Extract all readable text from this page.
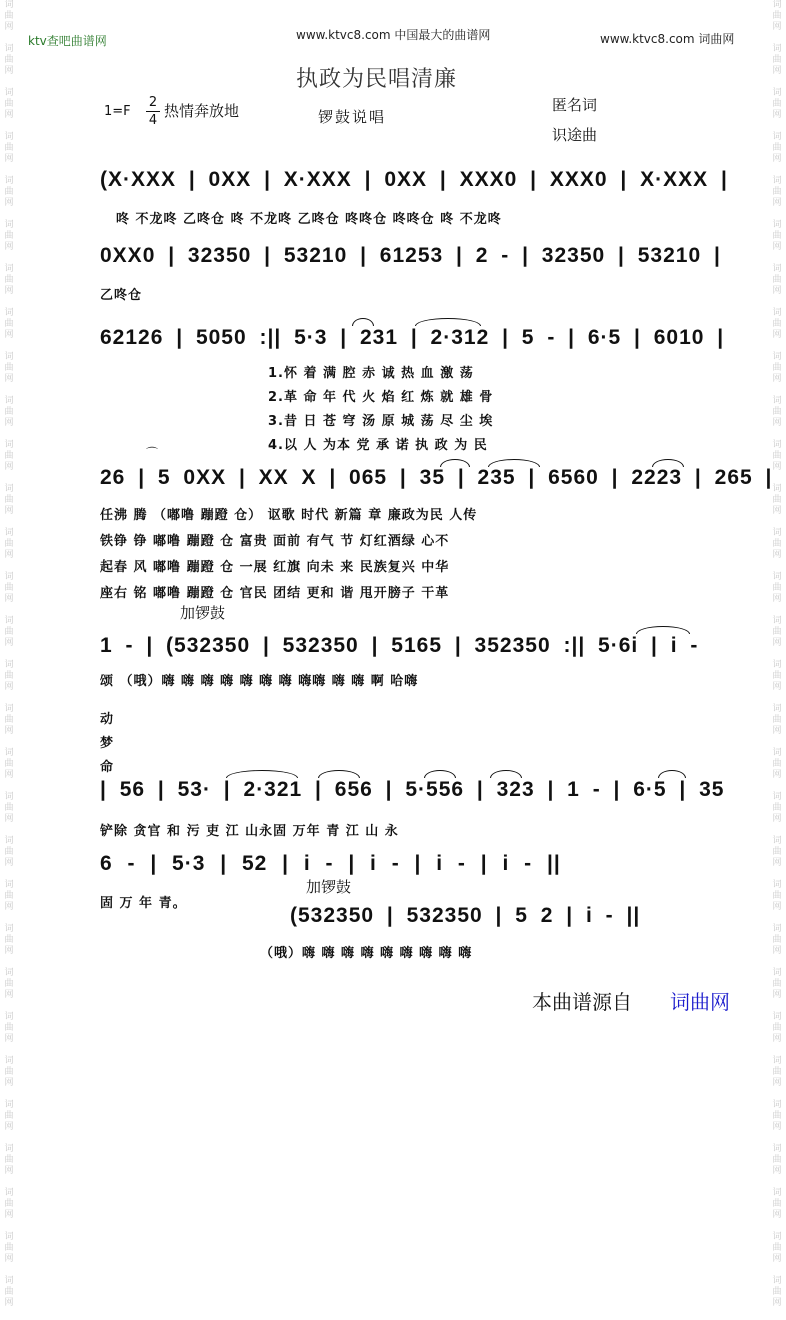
词
曲
网

词
曲
网

词
曲
网

词
曲
网

词
曲
网

词
曲
网

词
曲
网

词
曲
网

词
曲
网

词
曲
网

词
曲
网

词
曲
网

词
曲
网

词
曲
网

词
曲
网

词
曲
网

词
曲
网

词
曲
网

词
曲
网

词
曲
网

词
曲
网

词
曲
网

词
曲
网

词
曲
网

词
曲
网

词
曲
网

词
曲
网

词
曲
网

词
曲
网

词
曲
网

词
曲
网

词
曲
网

词
曲
网

词
曲
网

词
曲
网

词
曲
网

词
曲
网

词
曲
网

词
曲
网

词
曲
网

词
曲
网

词
曲
网

词
曲
网

词
曲
网

词
曲
网

词
曲
网

词
曲
网

词
曲
网

词
曲
网

词
曲
网

词
曲
网

词
曲
网

词
曲
网

词
曲
网

词
曲
网

词
曲
网

词
曲
网

词
曲
网

词
曲
网

词
曲
网

ktv查吧曲谱网	www.ktvc8.com 中国最大的曲谱网	www.ktvc8.com 词曲网
执政为民唱清廉
1=F
2
4
热情奔放地	锣鼓说唱
匿名词
识途曲
(X·XXX | 0XX | X·XXX | 0XX | XXX0 | XXX0 | X·XXX |
咚 不龙咚 乙咚仓 咚 不龙咚 乙咚仓 咚咚仓 咚咚仓 咚 不龙咚
0XX0 | 32350 | 53210 | 61253 | 2 - | 32350 | 53210 |
乙咚仓
62126 | 5050 :|| 5·3 | 231 | 2·312 | 5 - | 6·5 | 6010 |
1.怀 着 满 腔 赤 诚 热 血 激 荡
2.革 命 年 代 火 焰 红 炼 就 雄 骨
3.昔 日 苍 穹 汤 原 城 荡 尽 尘 埃
4.以 人 为本 党 承 诺 执 政 为 民
⌒
26 | 5 0XX | XX X | 065 | 35 | 235 | 6560 | 2223 | 265 |
任沸 腾 （嘟噜 蹦蹬 仓） 讴歌 时代 新篇 章 廉政为民 人传
铁铮 铮 嘟噜 蹦蹬 仓 富贵 面前 有气 节 灯红酒绿 心不
起春 风 嘟噜 蹦蹬 仓 一展 红旗 向未 来 民族复兴 中华
座右 铭 嘟噜 蹦蹬 仓 官民 团结 更和 谐 甩开膀子 干革
加锣鼓
1 - | (532350 | 532350 | 5165 | 352350 :|| 5·6i | i -
颂 （哦）嗨 嗨 嗨 嗨 嗨 嗨 嗨 嗨嗨 嗨 嗨 啊 哈嗨
动
梦
命
| 56 | 53· | 2·321 | 656 | 5·556 | 323 | 1 - | 6·5 | 35
铲除 贪官 和 污 吏 江 山永固 万年 青 江 山 永
6 - | 5·3 | 52 | i - | i - | i - | i - ||
固 万 年 青。
加锣鼓
(532350 | 532350 | 5 2 | i - ||
（哦）嗨 嗨 嗨 嗨 嗨 嗨 嗨 嗨 嗨
本曲谱源自 词曲网
